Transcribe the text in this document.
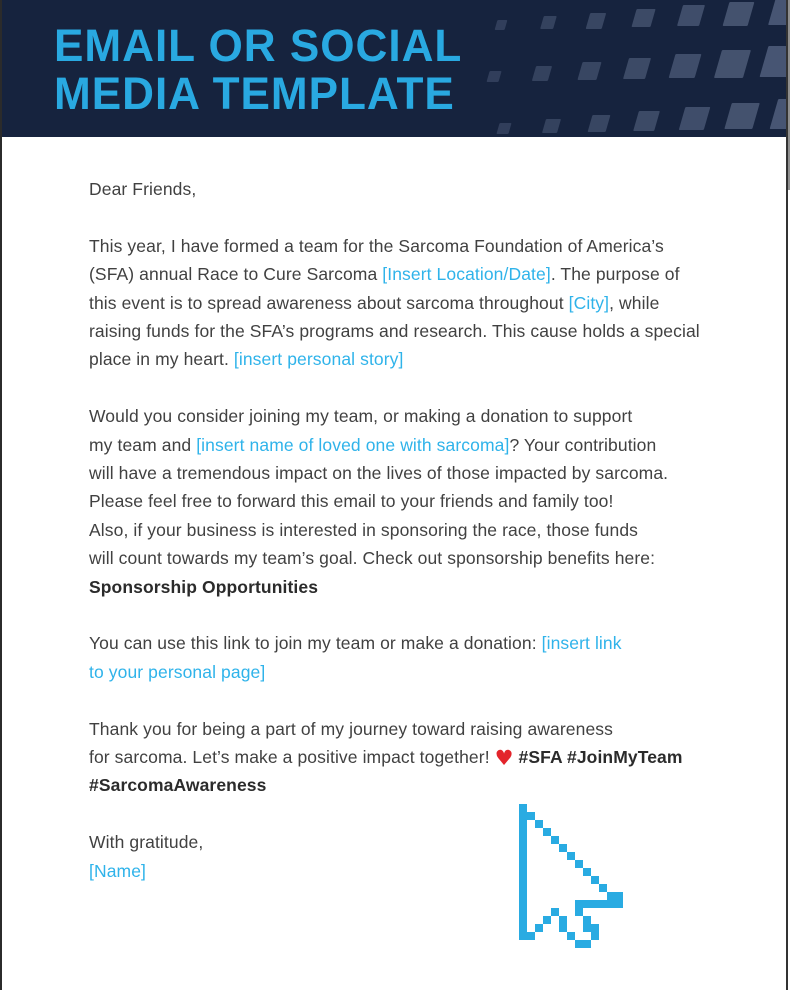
EMAIL OR SOCIAL
MEDIA TEMPLATE
Dear Friends,
This year, I have formed a team for the Sarcoma Foundation of America’s
(SFA) annual Race to Cure Sarcoma [Insert Location/Date]. The purpose of
this event is to spread awareness about sarcoma throughout [City], while
raising funds for the SFA’s programs and research. This cause holds a special
place in my heart. [insert personal story]
Would you consider joining my team, or making a donation to support
my team and [insert name of loved one with sarcoma]? Your contribution
will have a tremendous impact on the lives of those impacted by sarcoma.
Please feel free to forward this email to your friends and family too!
Also, if your business is interested in sponsoring the race, those funds
will count towards my team’s goal. Check out sponsorship benefits here:
Sponsorship Opportunities
You can use this link to join my team or make a donation: [insert link
to your personal page]
Thank you for being a part of my journey toward raising awareness
for sarcoma. Let’s make a positive impact together! ♥ #SFA #JoinMyTeam
#SarcomaAwareness
With gratitude,
[Name]
